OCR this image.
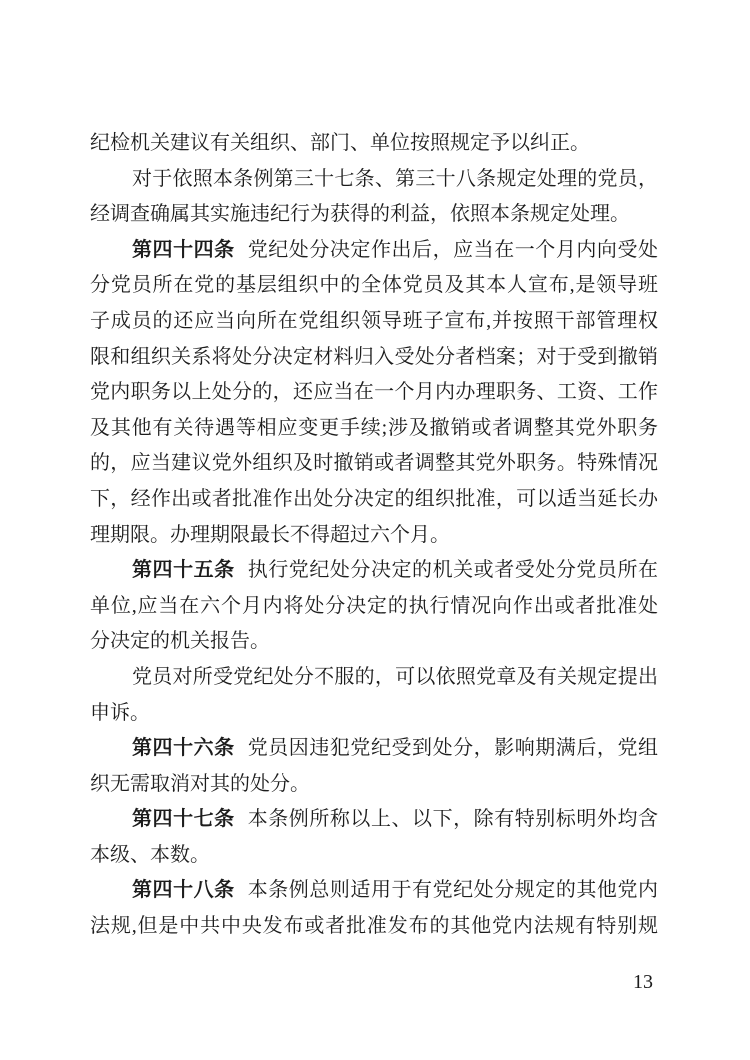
纪检机关建议有关组织、部门、单位按照规定予以纠正。
对于依照本条例第三十七条、第三十八条规定处理的党员，
经调查确属其实施违纪行为获得的利益，依照本条规定处理。
第四十四条 党纪处分决定作出后，应当在一个月内向受处
分党员所在党的基层组织中的全体党员及其本人宣布,是领导班
子成员的还应当向所在党组织领导班子宣布,并按照干部管理权
限和组织关系将处分决定材料归入受处分者档案；对于受到撤销
党内职务以上处分的，还应当在一个月内办理职务、工资、工作
及其他有关待遇等相应变更手续;涉及撤销或者调整其党外职务
的，应当建议党外组织及时撤销或者调整其党外职务。特殊情况
下，经作出或者批准作出处分决定的组织批准，可以适当延长办
理期限。办理期限最长不得超过六个月。
第四十五条 执行党纪处分决定的机关或者受处分党员所在
单位,应当在六个月内将处分决定的执行情况向作出或者批准处
分决定的机关报告。
党员对所受党纪处分不服的，可以依照党章及有关规定提出
申诉。
第四十六条 党员因违犯党纪受到处分，影响期满后，党组
织无需取消对其的处分。
第四十七条 本条例所称以上、以下，除有特别标明外均含
本级、本数。
第四十八条 本条例总则适用于有党纪处分规定的其他党内
法规,但是中共中央发布或者批准发布的其他党内法规有特别规
13
